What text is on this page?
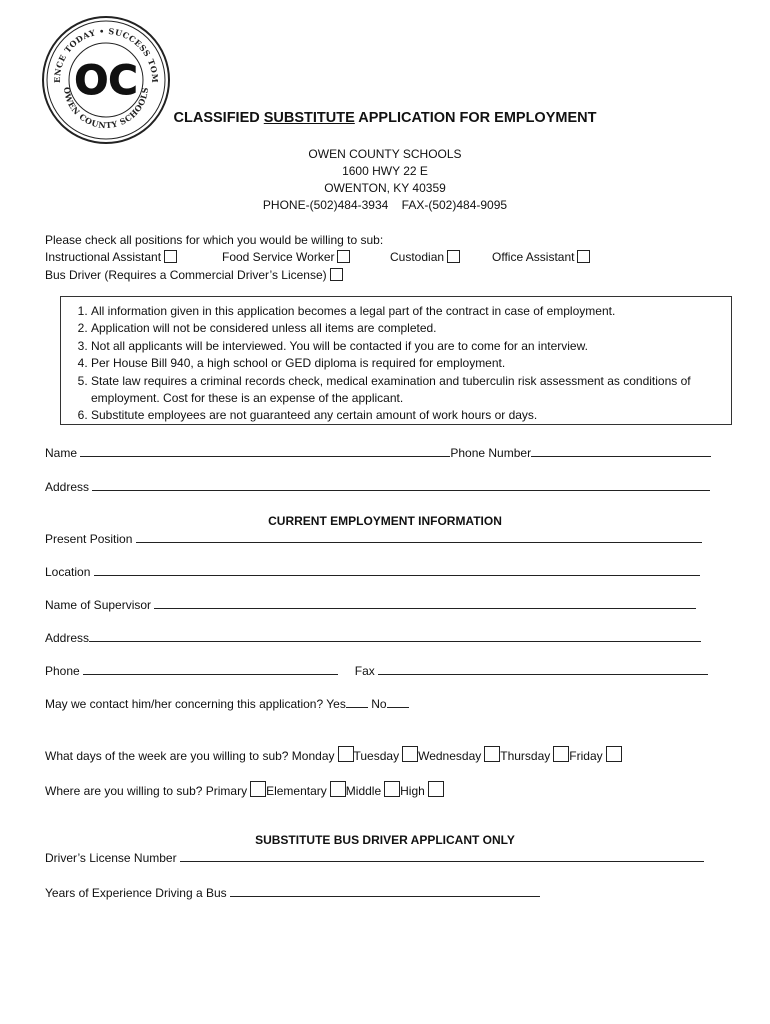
ENCE TODAY • SUCCESS TOM
OWEN COUNTY SCHOOLS
OC
CLASSIFIED SUBSTITUTE APPLICATION FOR EMPLOYMENT
OWEN COUNTY SCHOOLS
1600 HWY 22 E
OWENTON, KY 40359
PHONE-(502)484-3934    FAX-(502)484-9095
Please check all positions for which you would be willing to sub:
Instructional Assistant	Food Service Worker	Custodian	Office Assistant
Bus Driver (Requires a Commercial Driver’s License)
1. All information given in this application becomes a legal part of the contract in case of employment.
2. Application will not be considered unless all items are completed.
3. Not all applicants will be interviewed. You will be contacted if you are to come for an interview.
4. Per House Bill 940, a high school or GED diploma is required for employment.
5. State law requires a criminal records check, medical examination and tuberculin risk assessment as conditions of employment. Cost for these is an expense of the applicant.
6. Substitute employees are not guaranteed any certain amount of work hours or days.
Name	Phone Number
Address
CURRENT EMPLOYMENT INFORMATION
Present Position
Location
Name of Supervisor
Address
Phone	Fax
May we contact him/her concerning this application? Yes No
What days of the week are you willing to sub? Monday Tuesday Wednesday Thursday Friday
Where are you willing to sub? Primary Elementary Middle High
SUBSTITUTE BUS DRIVER APPLICANT ONLY
Driver’s License Number
Years of Experience Driving a Bus
